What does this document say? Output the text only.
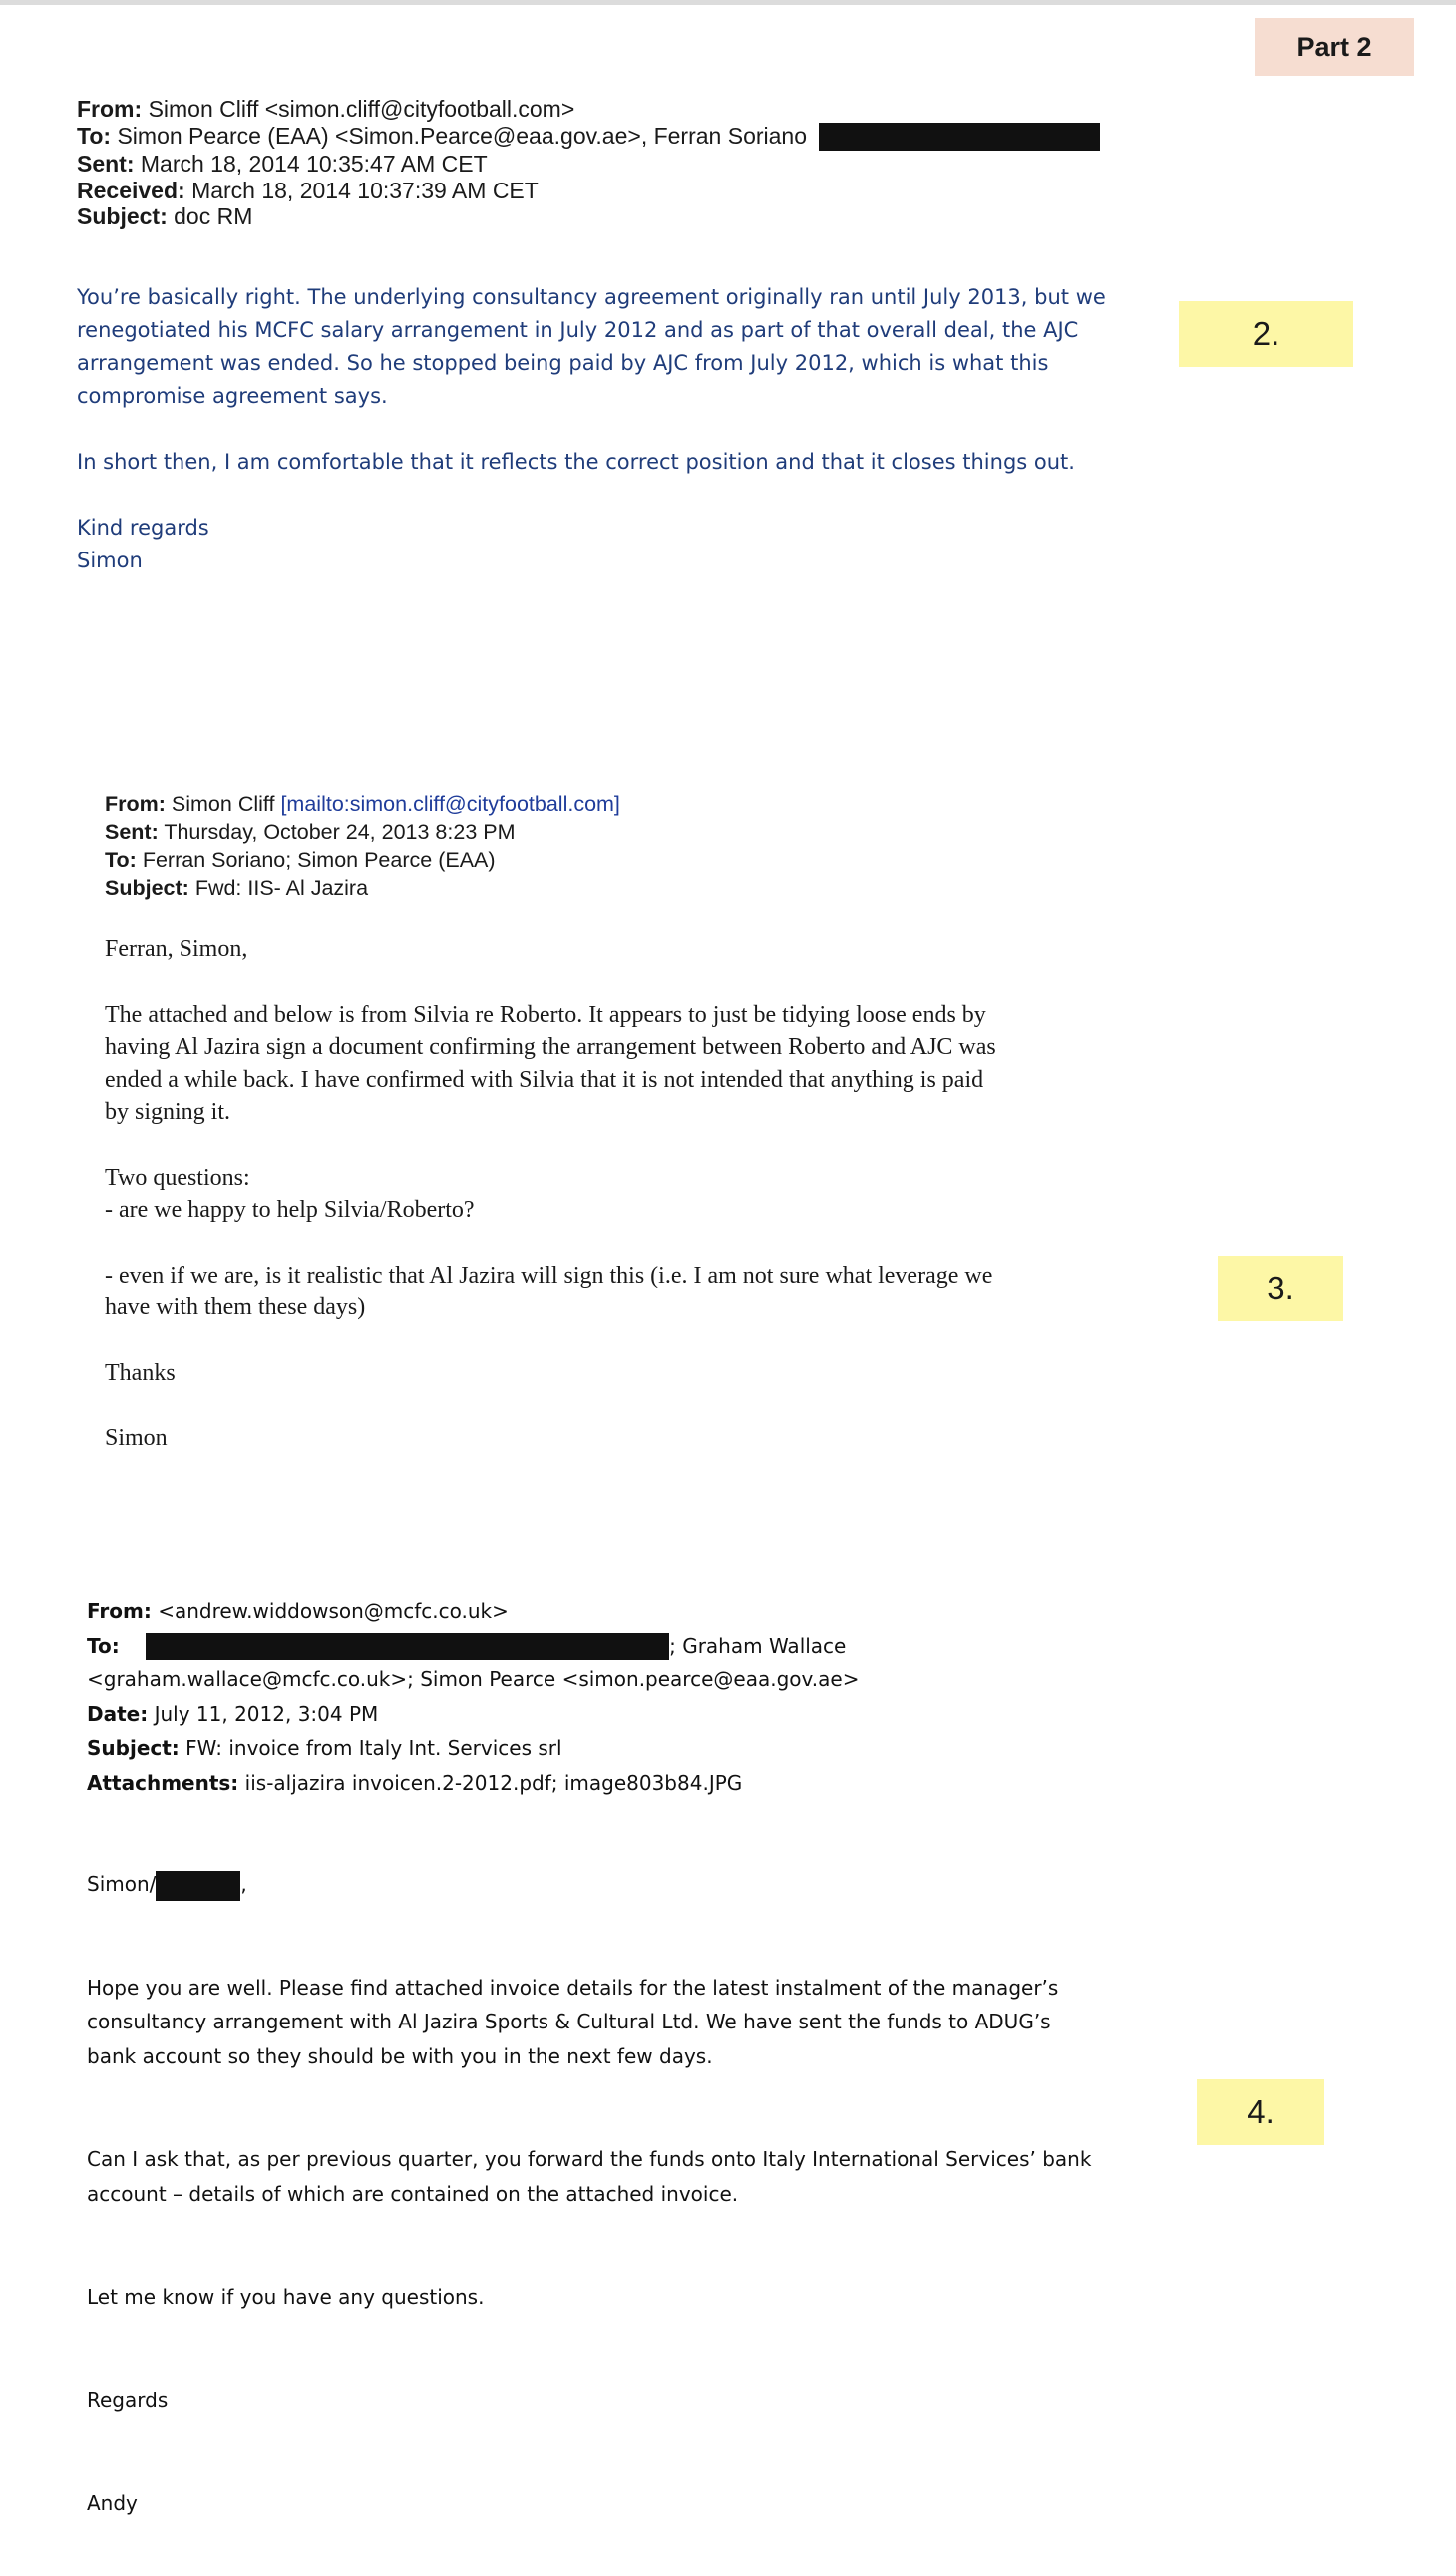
Part 2
2.
3.
4.
From: Simon Cliff <simon.cliff@cityfootball.com>
To: Simon Pearce (EAA) <Simon.Pearce@eaa.gov.ae>, Ferran Soriano
Sent: March 18, 2014 10:35:47 AM CET
Received: March 18, 2014 10:37:39 AM CET
Subject: doc RM

You’re basically right. The underlying consultancy agreement originally ran until July 2013, but we

renegotiated his MCFC salary arrangement in July 2012 and as part of that overall deal, the AJC

arrangement was ended. So he stopped being paid by AJC from July 2012, which is what this

compromise agreement says.

In short then, I am comfortable that it reflects the correct position and that it closes things out.

Kind regards

Simon

From: Simon Cliff [mailto:simon.cliff@cityfootball.com]
Sent: Thursday, October 24, 2013 8:23 PM
To: Ferran Soriano; Simon Pearce (EAA)
Subject: Fwd: IIS- Al Jazira

Ferran, Simon,

The attached and below is from Silvia re Roberto. It appears to just be tidying loose ends by

having Al Jazira sign a document confirming the arrangement between Roberto and AJC was

ended a while back. I have confirmed with Silvia that it is not intended that anything is paid

by signing it.

Two questions:

- are we happy to help Silvia/Roberto?

- even if we are, is it realistic that Al Jazira will sign this (i.e. I am not sure what leverage we

have with them these days)

Thanks

Simon

From: <andrew.widdowson@mcfc.co.uk>
To:	; Graham Wallace
<graham.wallace@mcfc.co.uk>; Simon Pearce <simon.pearce@eaa.gov.ae>
Date: July 11, 2012, 3:04 PM
Subject: FW: invoice from Italy Int. Services srl
Attachments: iis-aljazira invoicen.2-2012.pdf; image803b84.JPG

Simon/	,

Hope you are well. Please find attached invoice details for the latest instalment of the manager’s

consultancy arrangement with Al Jazira Sports & Cultural Ltd. We have sent the funds to ADUG’s

bank account so they should be with you in the next few days.

Can I ask that, as per previous quarter, you forward the funds onto Italy International Services’ bank

account – details of which are contained on the attached invoice.

Let me know if you have any questions.

Regards

Andy
